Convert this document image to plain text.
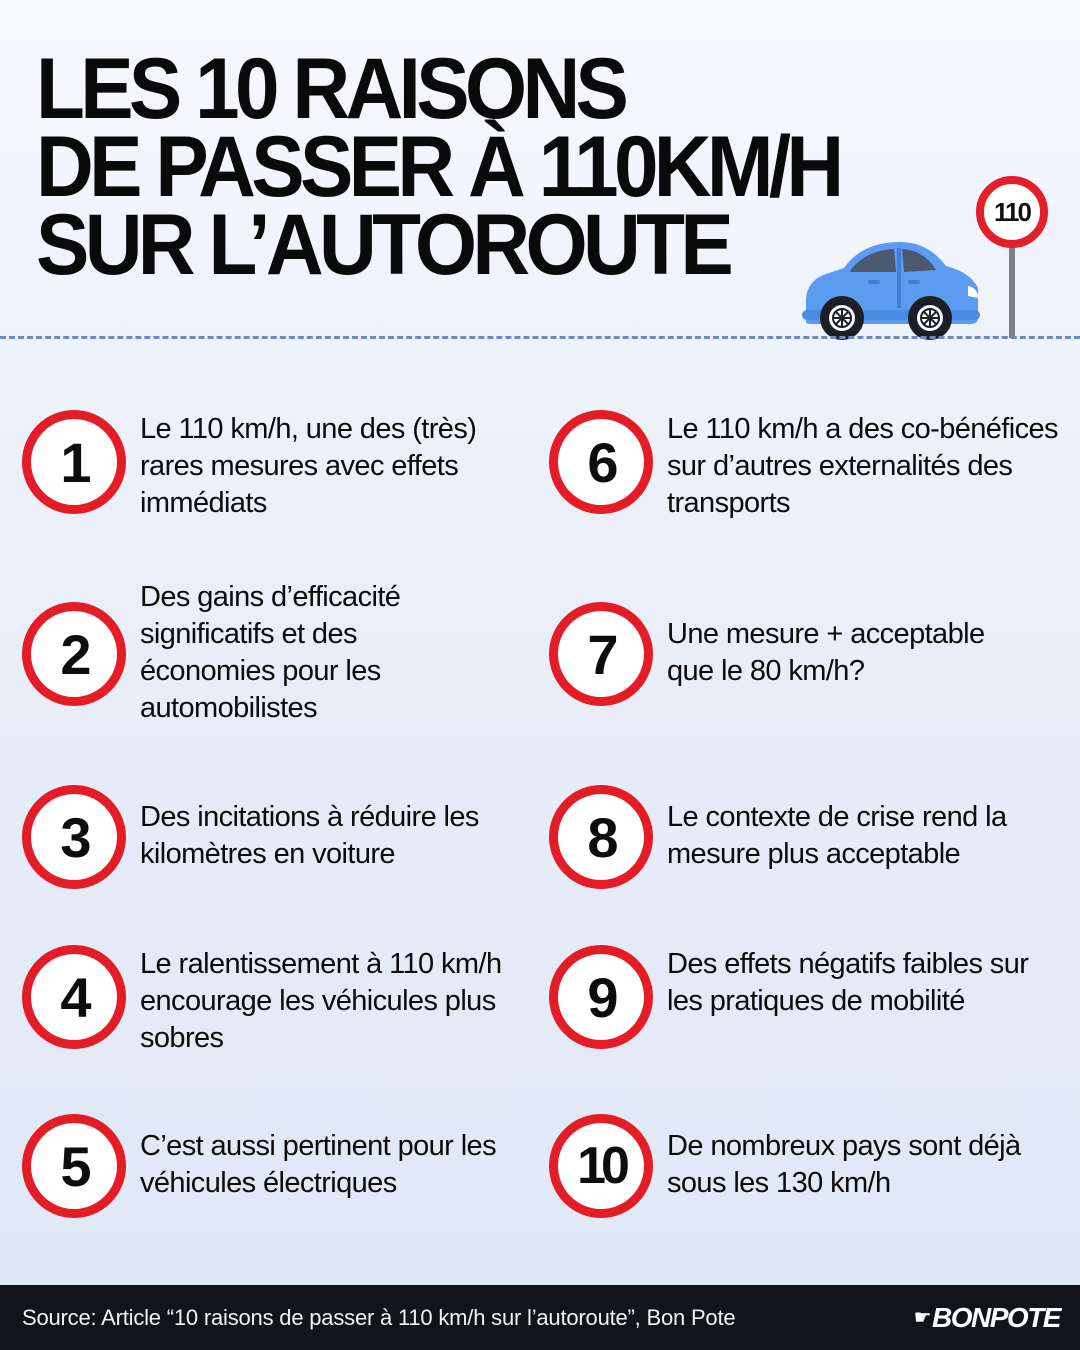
LES 10 RAISONS
DE PASSER À 110KM/H
SUR L’AUTOROUTE	110
1
Le 110 km/h, une des (très) rares mesures avec effets immédiats
2
Des gains d’efficacité significatifs et des économies pour les automobilistes
3	Des incitations à réduire les kilomètres en voiture
4
Le ralentissement à 110 km/h encourage les véhicules plus sobres
5	C’est aussi pertinent pour les véhicules électriques
6
Le 110 km/h a des co-bénéfices sur d’autres externalités des transports
7	Une mesure + acceptable que le 80 km/h?
8	Le contexte de crise rend la mesure plus acceptable
9
Des effets négatifs faibles sur les pratiques de mobilité
10	De nombreux pays sont déjà sous les 130 km/h
Source: Article “10 raisons de passer à 110 km/h sur l’autoroute”, Bon Pote	☛ BONPOTE
